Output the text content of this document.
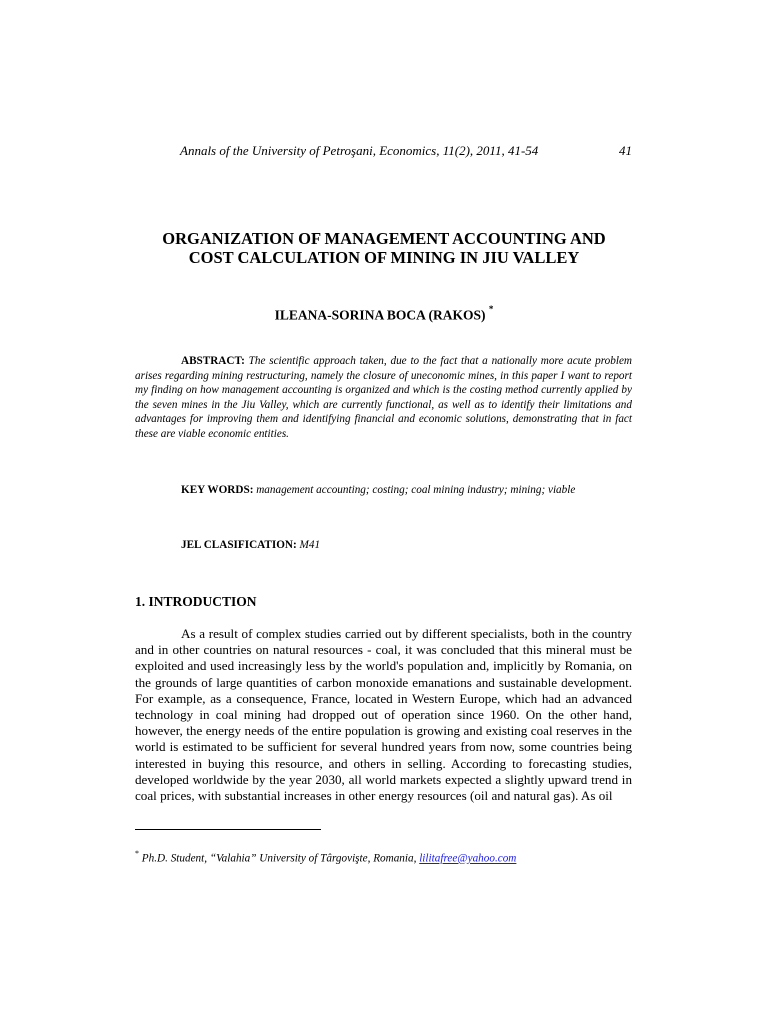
Annals of the University of Petroşani, Economics, 11(2), 2011, 41-54	41
ORGANIZATION OF MANAGEMENT ACCOUNTING AND
COST CALCULATION OF MINING IN JIU VALLEY
ILEANA-SORINA BOCA (RAKOS) *

ABSTRACT: The scientific approach taken, due to the fact that a nationally more acute problem arises regarding mining restructuring, namely the closure of uneconomic mines, in this paper I want to report my finding on how management accounting is organized and which is the costing method currently applied by the seven mines in the Jiu Valley, which are currently functional, as well as to identify their limitations and advantages for improving them and identifying financial and economic solutions, demonstrating that in fact these are viable economic entities.

KEY WORDS: management accounting; costing; coal mining industry; mining; viable

JEL CLASIFICATION: M41

1. INTRODUCTION

As a result of complex studies carried out by different specialists, both in the country and in other countries on natural resources - coal, it was concluded that this mineral must be exploited and used increasingly less by the world's population and, implicitly by Romania, on the grounds of large quantities of carbon monoxide emanations and sustainable development. For example, as a consequence, France, located in Western Europe, which had an advanced technology in coal mining had dropped out of operation since 1960. On the other hand, however, the energy needs of the entire population is growing and existing coal reserves in the world is estimated to be sufficient for several hundred years from now, some countries being interested in buying this resource, and others in selling. According to forecasting studies, developed worldwide by the year 2030, all world markets expected a slightly upward trend in coal prices, with substantial increases in other energy resources (oil and natural gas). As oil

* Ph.D. Student, “Valahia” University of Târgovişte, Romania, lilitafree@yahoo.com
